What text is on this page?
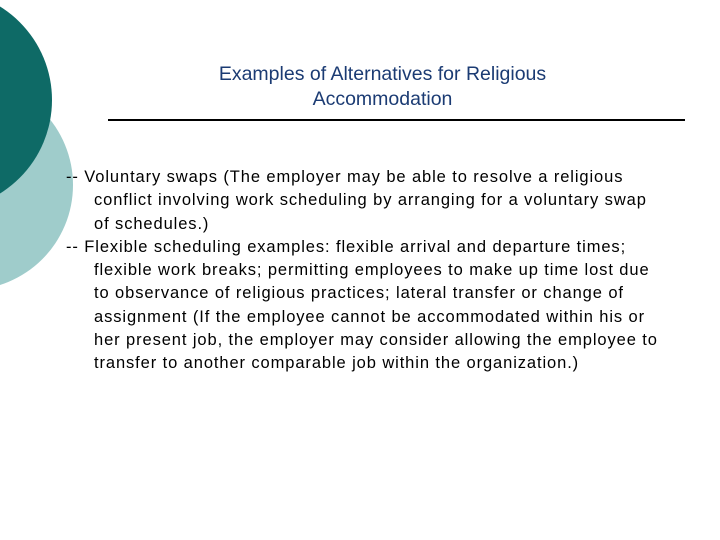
Examples of Alternatives for Religious
Accommodation
-- Voluntary swaps (The employer may be able to resolve a religious conflict involving work scheduling by arranging for a voluntary swap of schedules.)
-- Flexible scheduling examples: flexible arrival and departure times; flexible work breaks; permitting employees to make up time lost due to observance of religious practices; lateral transfer or change of assignment (If the employee cannot be accommodated within his or her present job, the employer may consider allowing the employee to transfer to another comparable job within the organization.)
